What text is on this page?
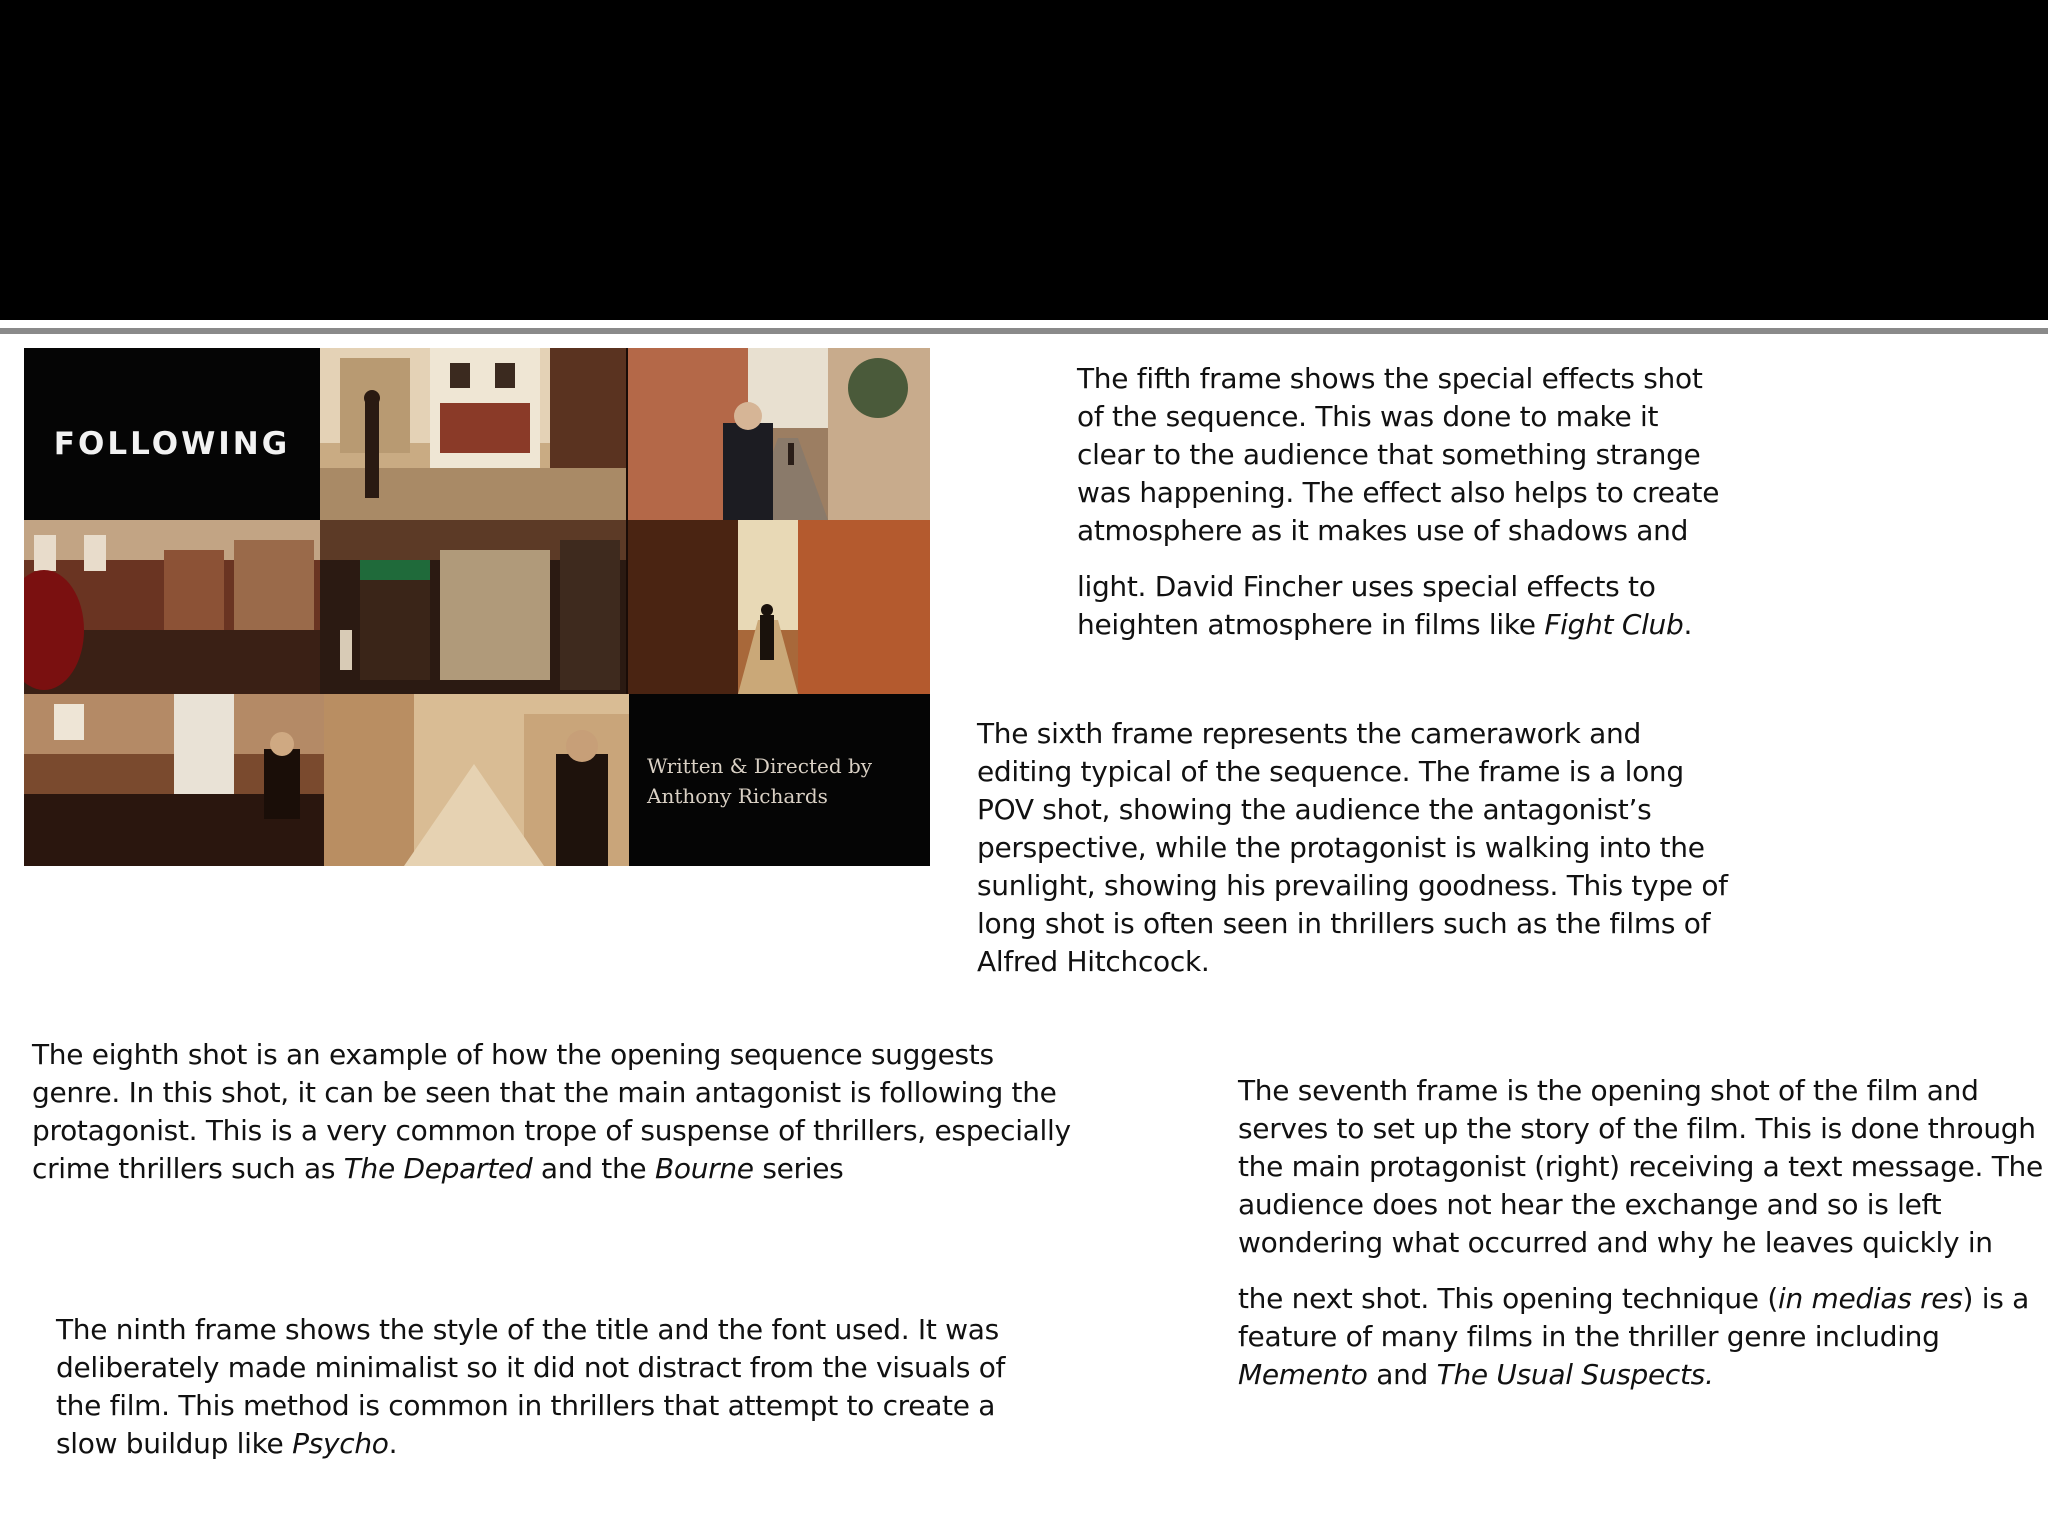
FOLLOWING
Written & Directed by
Anthony Richards
The fifth frame shows the special effects shot
of the sequence. This was done to make it
clear to the audience that something strange
was happening. The effect also helps to create
atmosphere as it makes use of shadows and
light. David Fincher uses special effects to
heighten atmosphere in films like Fight Club.
The sixth frame represents the camerawork and
editing typical of the sequence. The frame is a long
POV shot, showing the audience the antagonist’s
perspective, while the protagonist is walking into the
sunlight, showing his prevailing goodness. This type of
long shot is often seen in thrillers such as the films of
Alfred Hitchcock.
The eighth shot is an example of how the opening sequence suggests
genre. In this shot, it can be seen that the main antagonist is following the
protagonist. This is a very common trope of suspense of thrillers, especially
crime thrillers such as The Departed and the Bourne series
The seventh frame is the opening shot of the film and
serves to set up the story of the film. This is done through
the main protagonist (right) receiving a text message. The
audience does not hear the exchange and so is left
wondering what occurred and why he leaves quickly in
the next shot. This opening technique (in medias res) is a
feature of many films in the thriller genre including
Memento and The Usual Suspects.
The ninth frame shows the style of the title and the font used. It was
deliberately made minimalist so it did not distract from the visuals of
the film. This method is common in thrillers that attempt to create a
slow buildup like Psycho.
